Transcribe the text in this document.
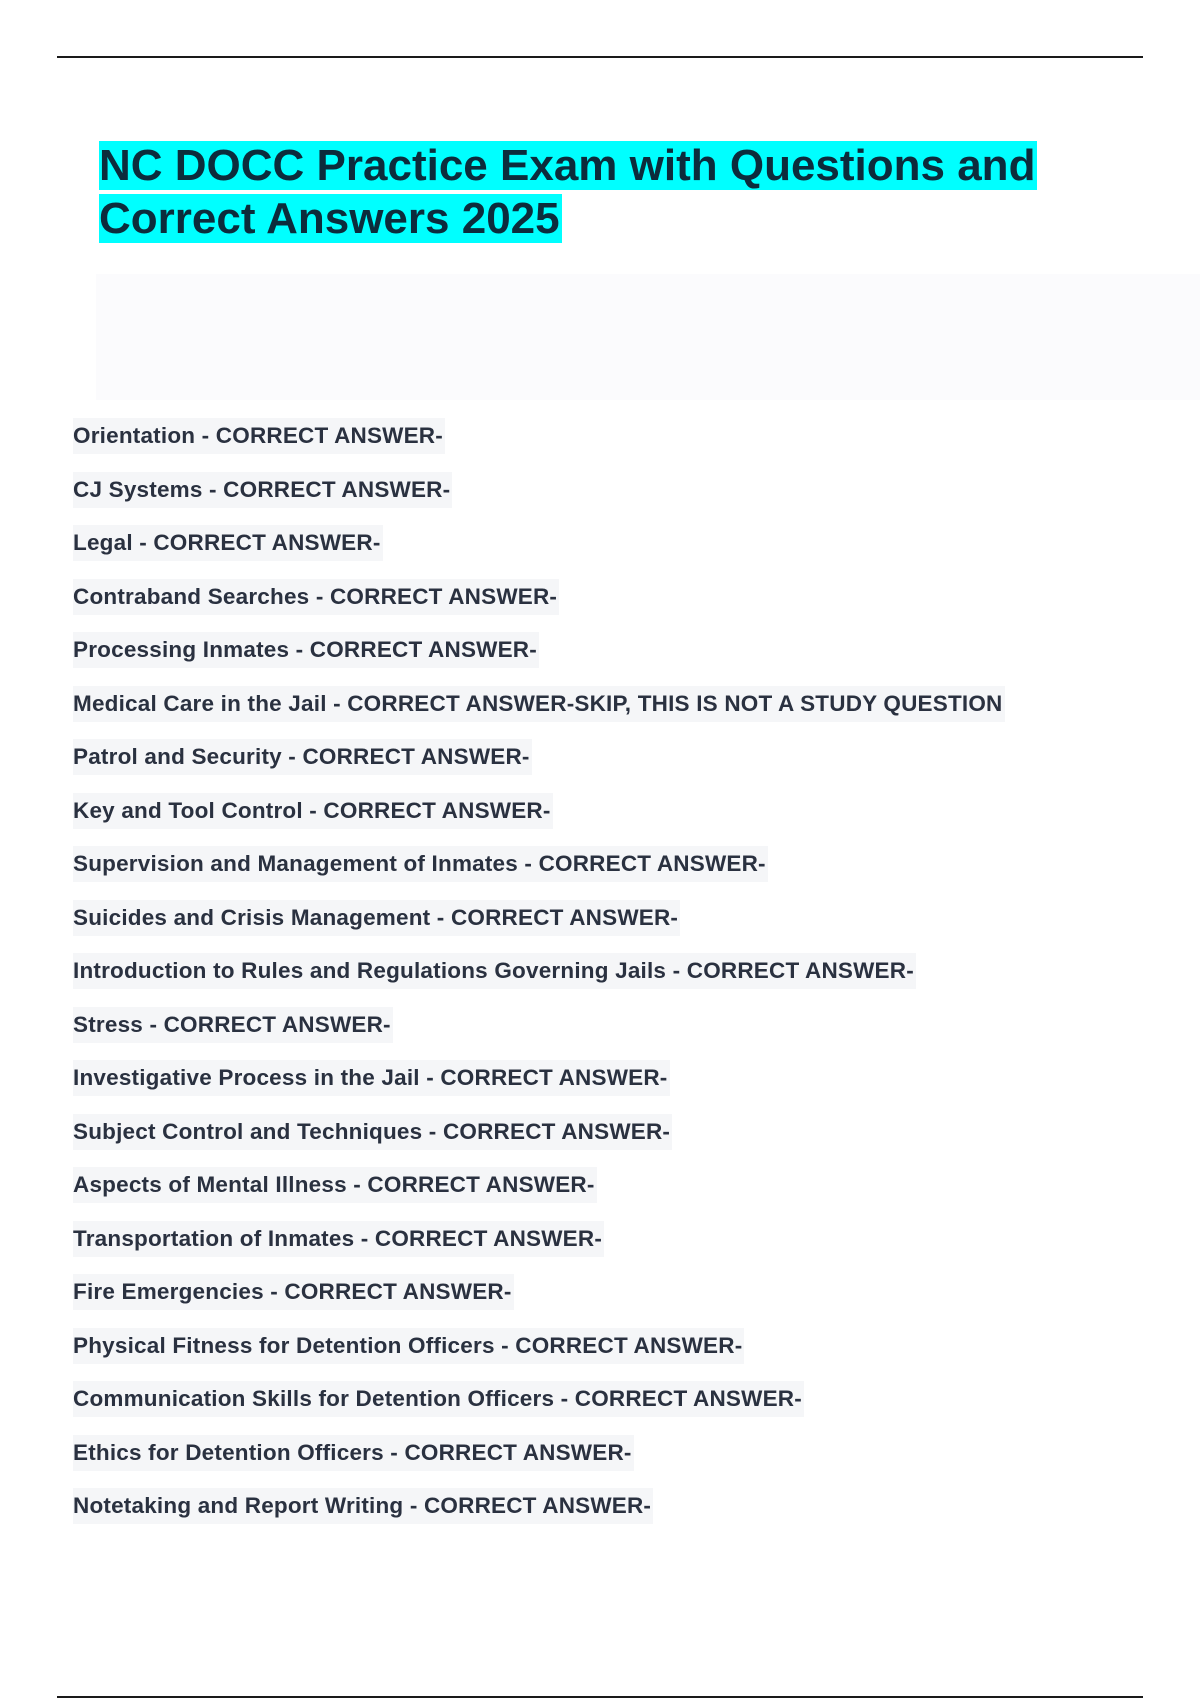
NC DOCC Practice Exam with Questions and
Correct Answers 2025
Orientation - CORRECT ANSWER-
CJ Systems - CORRECT ANSWER-
Legal - CORRECT ANSWER-
Contraband Searches - CORRECT ANSWER-
Processing Inmates - CORRECT ANSWER-
Medical Care in the Jail - CORRECT ANSWER-SKIP, THIS IS NOT A STUDY QUESTION
Patrol and Security - CORRECT ANSWER-
Key and Tool Control - CORRECT ANSWER-
Supervision and Management of Inmates - CORRECT ANSWER-
Suicides and Crisis Management - CORRECT ANSWER-
Introduction to Rules and Regulations Governing Jails - CORRECT ANSWER-
Stress - CORRECT ANSWER-
Investigative Process in the Jail - CORRECT ANSWER-
Subject Control and Techniques - CORRECT ANSWER-
Aspects of Mental Illness - CORRECT ANSWER-
Transportation of Inmates - CORRECT ANSWER-
Fire Emergencies - CORRECT ANSWER-
Physical Fitness for Detention Officers - CORRECT ANSWER-
Communication Skills for Detention Officers - CORRECT ANSWER-
Ethics for Detention Officers - CORRECT ANSWER-
Notetaking and Report Writing - CORRECT ANSWER-
